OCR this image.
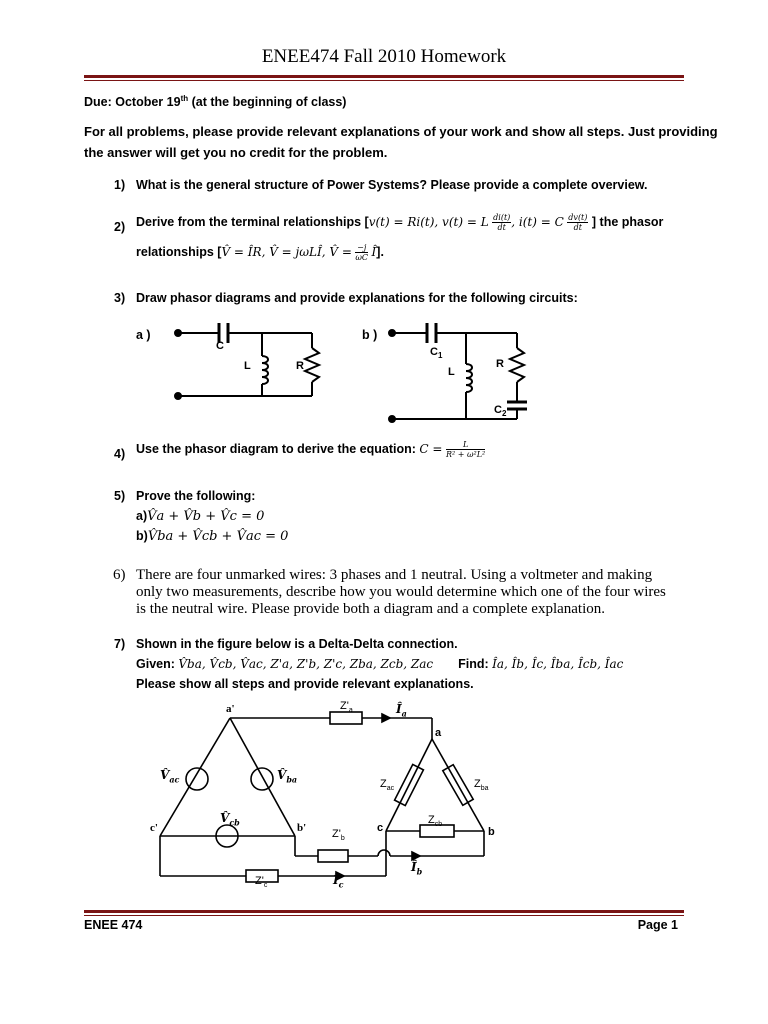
ENEE474 Fall 2010 Homework
Due: October 19th (at the beginning of class)
For all problems, please provide relevant explanations of your work and show all steps. Just providing
the answer will get you no credit for the problem.
1) What is the general structure of Power Systems? Please provide a complete overview.
2) Derive from the terminal relationships [v(t) = Ri(t), v(t) = L $\frac{di(t)}{dt}$ , i(t) = C $\frac{dv(t)}{dt}$ ] the phasor
relationships [V̂ = ÎR, V̂ = jωLÎ, V̂ = $\frac{-j}{\omega C}$ Î].
3) Draw phasor diagrams and provide explanations for the following circuits:
a )	b )
C
L	R
$C_1$
L
R
$C_2$
4) Use the phasor diagram to derive the equation: $C = \frac{L}{\text{R² + ω²L²}}$
5) Prove the following:
a)V̂a + V̂b + V̂c = 0
b)V̂ba + V̂cb + V̂ac = 0
6) There are four unmarked wires: 3 phases and 1 neutral. Using a voltmeter and making
only two measurements, describe how you would determine which one of the four wires
is the neutral wire. Please provide both a diagram and a complete explanation.
7) Shown in the figure below is a Delta-Delta connection.
Given: V̂ba, V̂cb, V̂ac, Z'a, Z'b, Z'c, Zba, Zcb, Zac Find: Îa, Îb, Îc, Îba, Îcb, Îac
Please show all steps and provide relevant explanations.
a'
b'
c'
a
b
c
$Z'_a$
$Z'_b$
$Z'_c$
$Z_{ac}$	$Z_{ba}$
$Z_{cb}$
$V̂_{ac}$	$V̂_{ba}$
$V̂_{cb}$
$Î_a$
$Î_b$
$Î_c$
ENEE 474	Page 1
